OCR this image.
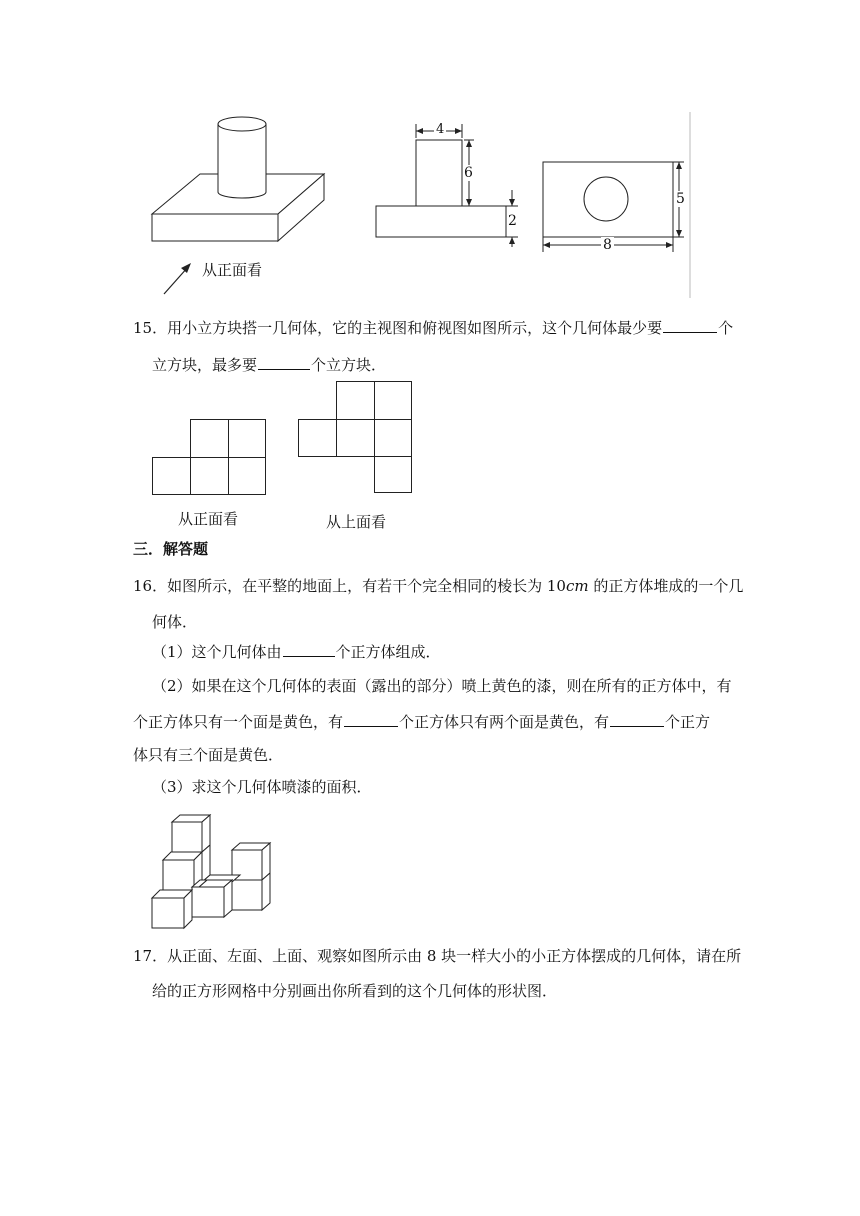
从正面看
4
6
2
5
8
15．用小立方块搭一几何体，它的主视图和俯视图如图所示，这个几何体最少要	个
立方块，最多要	个立方块．
从正面看	从上面看
三．解答题
16．如图所示，在平整的地面上，有若干个完全相同的棱长为 10cm 的正方体堆成的一个几
何体．
（1）这个几何体由	个正方体组成．
（2）如果在这个几何体的表面（露出的部分）喷上黄色的漆，则在所有的正方体中，有
个正方体只有一个面是黄色，有	个正方体只有两个面是黄色，有	个正方
体只有三个面是黄色．
（3）求这个几何体喷漆的面积．
17．从正面、左面、上面、观察如图所示由 8 块一样大小的小正方体摆成的几何体，请在所
给的正方形网格中分别画出你所看到的这个几何体的形状图．
